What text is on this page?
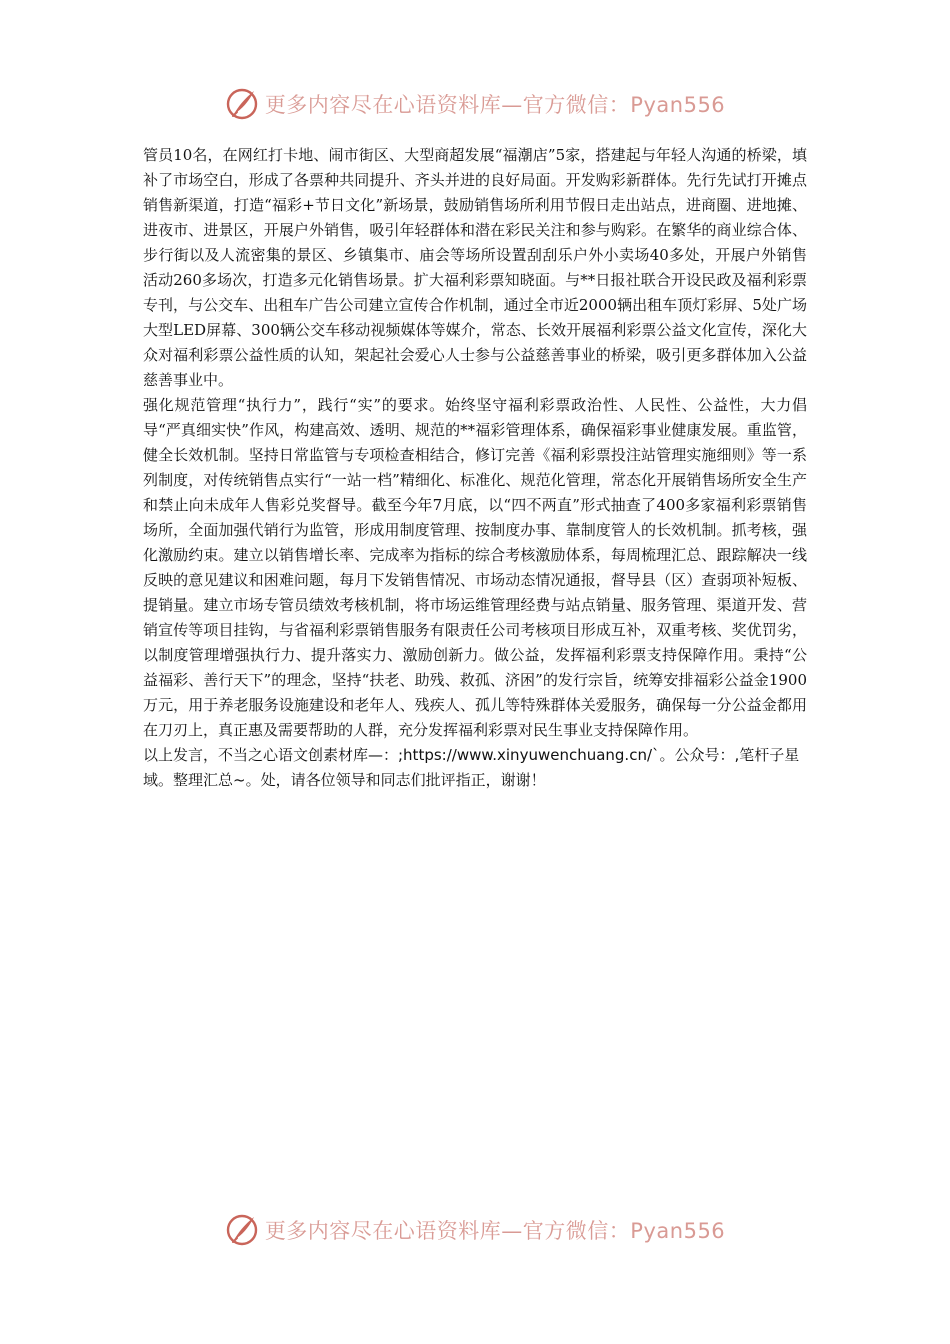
更多内容尽在心语资料库—官方微信：Pyan556

管员10名，在网红打卡地、闹市街区、大型商超发展“福潮店”5家，搭建起与年轻人沟通的桥梁，填补了市场空白，形成了各票种共同提升、齐头并进的良好局面。开发购彩新群体。先行先试打开摊点销售新渠道，打造“福彩+节日文化”新场景，鼓励销售场所利用节假日走出站点，进商圈、进地摊、进夜市、进景区，开展户外销售，吸引年轻群体和潜在彩民关注和参与购彩。在繁华的商业综合体、步行街以及人流密集的景区、乡镇集市、庙会等场所设置刮刮乐户外小卖场40多处，开展户外销售活动260多场次，打造多元化销售场景。扩大福利彩票知晓面。与**日报社联合开设民政及福利彩票专刊，与公交车、出租车广告公司建立宣传合作机制，通过全市近2000辆出租车顶灯彩屏、5处广场大型LED屏幕、300辆公交车移动视频媒体等媒介，常态、长效开展福利彩票公益文化宣传，深化大众对福利彩票公益性质的认知，架起社会爱心人士参与公益慈善事业的桥梁，吸引更多群体加入公益慈善事业中。

强化规范管理“执行力”，践行“实”的要求。始终坚守福利彩票政治性、人民性、公益性，大力倡导“严真细实快”作风，构建高效、透明、规范的**福彩管理体系，确保福彩事业健康发展。重监管，健全长效机制。坚持日常监管与专项检查相结合，修订完善《福利彩票投注站管理实施细则》等一系列制度，对传统销售点实行“一站一档”精细化、标准化、规范化管理，常态化开展销售场所安全生产和禁止向未成年人售彩兑奖督导。截至今年7月底，以“四不两直”形式抽查了400多家福利彩票销售场所，全面加强代销行为监管，形成用制度管理、按制度办事、靠制度管人的长效机制。抓考核，强化激励约束。建立以销售增长率、完成率为指标的综合考核激励体系，每周梳理汇总、跟踪解决一线反映的意见建议和困难问题，每月下发销售情况、市场动态情况通报，督导县（区）查弱项补短板、提销量。建立市场专管员绩效考核机制，将市场运维管理经费与站点销量、服务管理、渠道开发、营销宣传等项目挂钩，与省福利彩票销售服务有限责任公司考核项目形成互补，双重考核、奖优罚劣，以制度管理增强执行力、提升落实力、激励创新力。做公益，发挥福利彩票支持保障作用。秉持“公益福彩、善行天下”的理念，坚持“扶老、助残、救孤、济困”的发行宗旨，统筹安排福彩公益金1900万元，用于养老服务设施建设和老年人、残疾人、孤儿等特殊群体关爱服务，确保每一分公益金都用在刀刃上，真正惠及需要帮助的人群，充分发挥福利彩票对民生事业支持保障作用。

以上发言，不当之心语文创素材库—：;https://www.xinyuwenchuang.cn/`。公众号：,笔杆子星域。整理汇总~。处，请各位领导和同志们批评指正，谢谢！

更多内容尽在心语资料库—官方微信：Pyan556
